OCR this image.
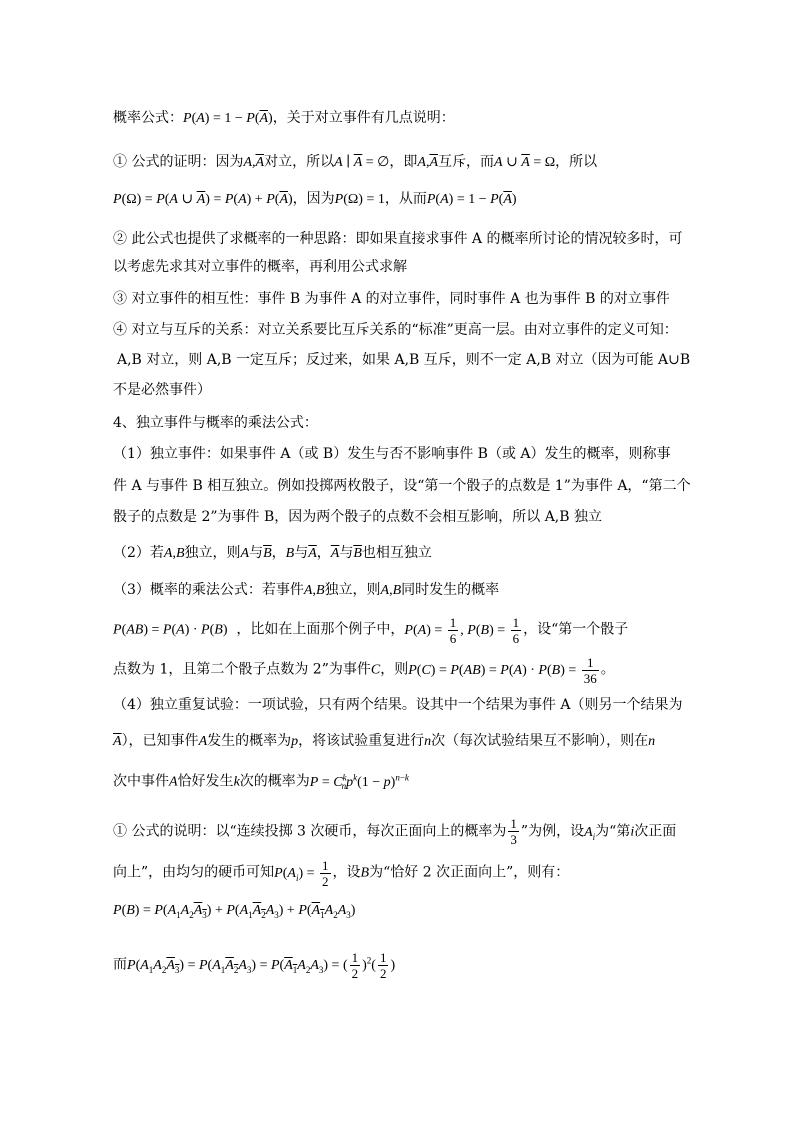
概率公式：$P(A) = 1 - P(\overline{A})$，关于对立事件有几点说明：
① 公式的证明：因为$A,\overline{A}$对立，所以A ∣ $\overline{A}$ = ∅，即$A,\overline{A}$互斥，而A ∪ $\overline{A} = \Omega$，所以
P(Ω) = P(A ∪ $\overline{A}) = P(A) + P(\overline{A})$，因为P(Ω) = 1，从而$P(A) = 1 - P(\overline{A})$
② 此公式也提供了求概率的一种思路：即如果直接求事件 A 的概率所讨论的情况较多时，可
以考虑先求其对立事件的概率，再利用公式求解
③ 对立事件的相互性：事件 B 为事件 A 的对立事件，同时事件 A 也为事件 B 的对立事件
④ 对立与互斥的关系：对立关系要比互斥关系的“标准”更高一层。由对立事件的定义可知：
A,B 对立，则 A,B 一定互斥；反过来，如果 A,B 互斥，则不一定 A,B 对立（因为可能 A∪B
不是必然事件）
4、独立事件与概率的乘法公式：
（1）独立事件：如果事件 A（或 B）发生与否不影响事件 B（或 A）发生的概率，则称事
件 A 与事件 B 相互独立。例如投掷两枚骰子，设“第一个骰子的点数是 1”为事件 A，“第二个
骰子的点数是 2”为事件 B，因为两个骰子的点数不会相互影响，所以 A,B 独立
（2）若A,B独立，则A与$\overline{B}$，B与$\overline{A}$，$\overline{A}$与$\overline{B}$也相互独立
（3）概率的乘法公式：若事件A,B独立，则A,B同时发生的概率
P(AB) = P(A) · P(B) ，比如在上面那个例子中，$P(A) = \frac{1}{6}$ , $P(B) = \frac{1}{6}$ ，设“第一个骰子
点数为 1，且第二个骰子点数为 2”为事件C，则$P(C) = P(AB) = P(A) \cdot P(B) = \frac{1}{36}$ 。
（4）独立重复试验：一项试验，只有两个结果。设其中一个结果为事件 A（则另一个结果为
$\overline{A}$），已知事件A发生的概率为p，将该试验重复进行n次（每次试验结果互不影响），则在n
次中事件A恰好发生k次的概率为$P = C^k_np^k(1 - p)^{n-k}$
① 公式的说明：以“连续投掷 3 次硬币，每次正面向上的概率为 $\frac{1}{3}$ ”为例，设$A_i$为“第i次正面
向上”，由均匀的硬币可知$P(A_i) = \frac{1}{2}$ ，设B为“恰好 2 次正面向上”，则有：
$P(B) = P(A_1A_2A_3) + P(A_1A_2A_3) + P(A_1A_2A_3)$
而$P(A_1A_2A_3) = P(A_1A_2A_3) = P(A_1A_2A_3)$ = ( $\frac{1}{2} )^2( \frac{1}{2}$ )
